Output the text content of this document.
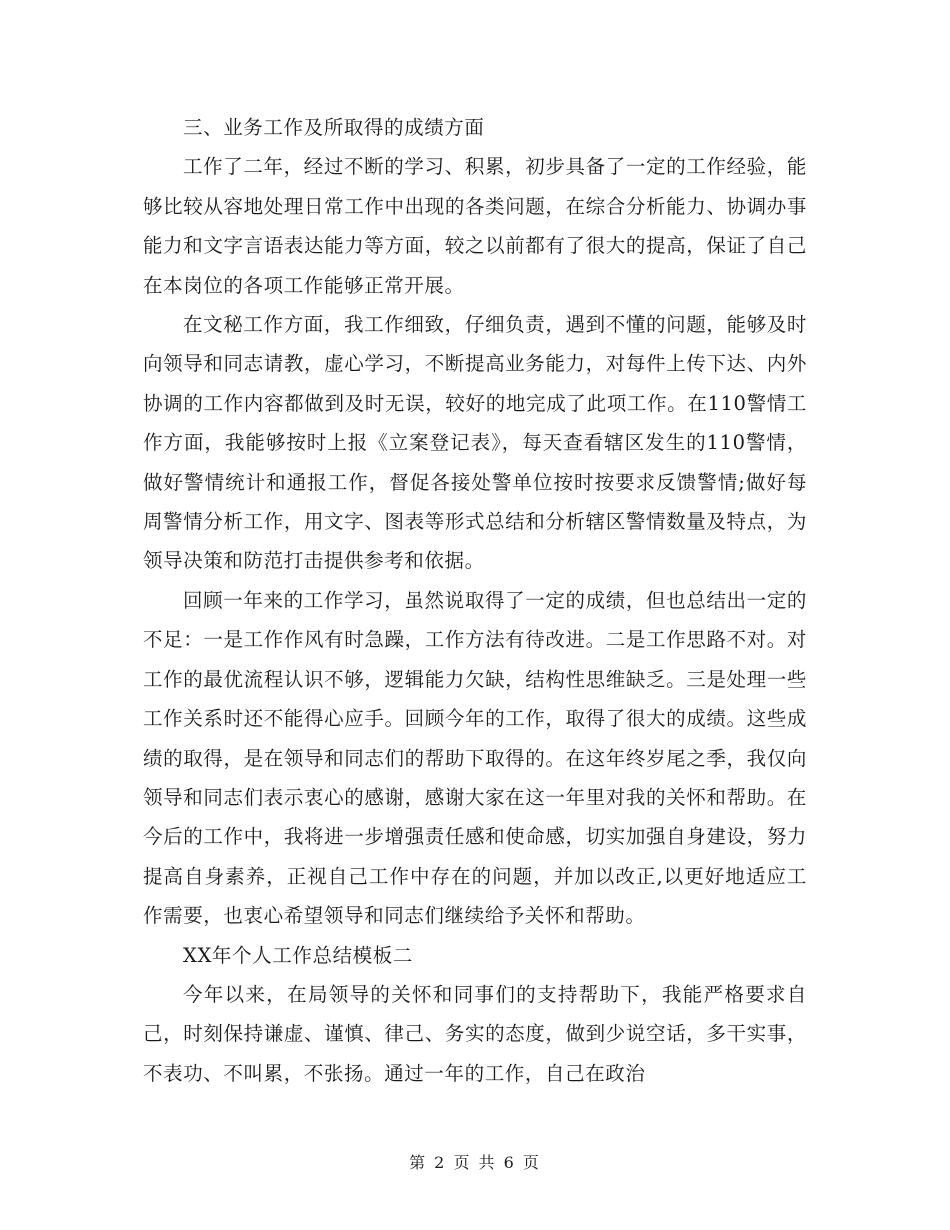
三、业务工作及所取得的成绩方面

工作了二年，经过不断的学习、积累，初步具备了一定的工作经验，能够比较从容地处理日常工作中出现的各类问题，在综合分析能力、协调办事能力和文字言语表达能力等方面，较之以前都有了很大的提高，保证了自己在本岗位的各项工作能够正常开展。

在文秘工作方面，我工作细致，仔细负责，遇到不懂的问题，能够及时向领导和同志请教，虚心学习，不断提高业务能力，对每件上传下达、内外协调的工作内容都做到及时无误，较好的地完成了此项工作。在110警情工作方面，我能够按时上报《立案登记表》，每天查看辖区发生的110警情，做好警情统计和通报工作，督促各接处警单位按时按要求反馈警情;做好每周警情分析工作，用文字、图表等形式总结和分析辖区警情数量及特点，为领导决策和防范打击提供参考和依据。

回顾一年来的工作学习，虽然说取得了一定的成绩，但也总结出一定的不足：一是工作作风有时急躁，工作方法有待改进。二是工作思路不对。对工作的最优流程认识不够，逻辑能力欠缺，结构性思维缺乏。三是处理一些工作关系时还不能得心应手。回顾今年的工作，取得了很大的成绩。这些成绩的取得，是在领导和同志们的帮助下取得的。在这年终岁尾之季，我仅向领导和同志们表示衷心的感谢，感谢大家在这一年里对我的关怀和帮助。在今后的工作中，我将进一步增强责任感和使命感，切实加强自身建设，努力提高自身素养，正视自己工作中存在的问题，并加以改正,以更好地适应工作需要，也衷心希望领导和同志们继续给予关怀和帮助。

XX年个人工作总结模板二

今年以来，在局领导的关怀和同事们的支持帮助下，我能严格要求自己，时刻保持谦虚、谨慎、律己、务实的态度，做到少说空话，多干实事，不表功、不叫累，不张扬。通过一年的工作，自己在政治

第 2 页 共 6 页
